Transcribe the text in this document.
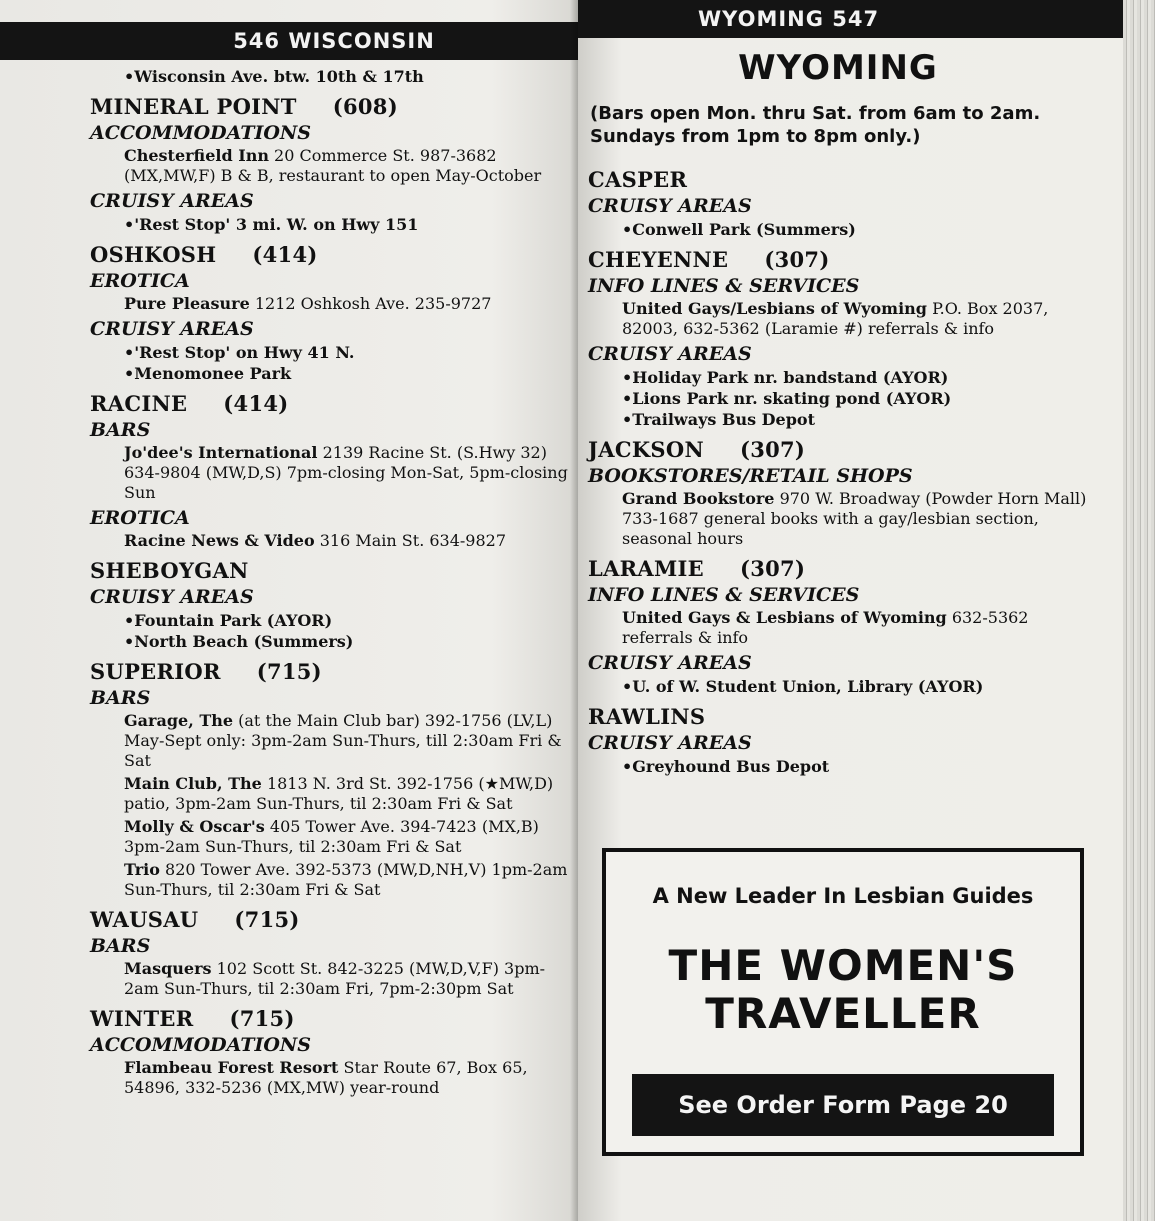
546 WISCONSIN
• Wisconsin Ave. btw. 10th & 17th
MINERAL POINT (608)
ACCOMMODATIONS
Chesterfield Inn 20 Commerce St. 987-3682 (MX,MW,F) B & B, restaurant to open May-October
CRUISY AREAS
• 'Rest Stop' 3 mi. W. on Hwy 151
OSHKOSH (414)
EROTICA
Pure Pleasure 1212 Oshkosh Ave. 235-9727
CRUISY AREAS
• 'Rest Stop' on Hwy 41 N.
• Menomonee Park
RACINE (414)
BARS
Jo'dee's International 2139 Racine St. (S.Hwy 32) 634-9804 (MW,D,S) 7pm-closing Mon-Sat, 5pm-closing Sun
EROTICA
Racine News & Video 316 Main St. 634-9827
SHEBOYGAN
CRUISY AREAS
• Fountain Park (AYOR)
• North Beach (Summers)
SUPERIOR (715)
BARS
Garage, The (at the Main Club bar) 392-1756 (LV,L) May-Sept only: 3pm-2am Sun-Thurs, till 2:30am Fri & Sat
Main Club, The 1813 N. 3rd St. 392-1756 (★MW,D) patio, 3pm-2am Sun-Thurs, til 2:30am Fri & Sat
Molly & Oscar's 405 Tower Ave. 394-7423 (MX,B) 3pm-2am Sun-Thurs, til 2:30am Fri & Sat
Trio 820 Tower Ave. 392-5373 (MW,D,NH,V) 1pm-2am Sun-Thurs, til 2:30am Fri & Sat
WAUSAU (715)
BARS
Masquers 102 Scott St. 842-3225 (MW,D,V,F) 3pm-2am Sun-Thurs, til 2:30am Fri, 7pm-2:30pm Sat
WINTER (715)
ACCOMMODATIONS
Flambeau Forest Resort Star Route 67, Box 65, 54896, 332-5236 (MX,MW) year-round
WYOMING 547
WYOMING
(Bars open Mon. thru Sat. from 6am to 2am. Sundays from 1pm to 8pm only.)
CASPER
CRUISY AREAS
• Conwell Park (Summers)
CHEYENNE (307)
INFO LINES & SERVICES
United Gays/Lesbians of Wyoming P.O. Box 2037, 82003, 632-5362 (Laramie #) referrals & info
CRUISY AREAS
• Holiday Park nr. bandstand (AYOR)
• Lions Park nr. skating pond (AYOR)
• Trailways Bus Depot
JACKSON (307)
BOOKSTORES/RETAIL SHOPS
Grand Bookstore 970 W. Broadway (Powder Horn Mall) 733-1687 general books with a gay/lesbian section, seasonal hours
LARAMIE (307)
INFO LINES & SERVICES
United Gays & Lesbians of Wyoming 632-5362 referrals & info
CRUISY AREAS
• U. of W. Student Union, Library (AYOR)
RAWLINS
CRUISY AREAS
• Greyhound Bus Depot
A New Leader In Lesbian Guides
THE WOMEN'S
TRAVELLER
See Order Form Page 20
